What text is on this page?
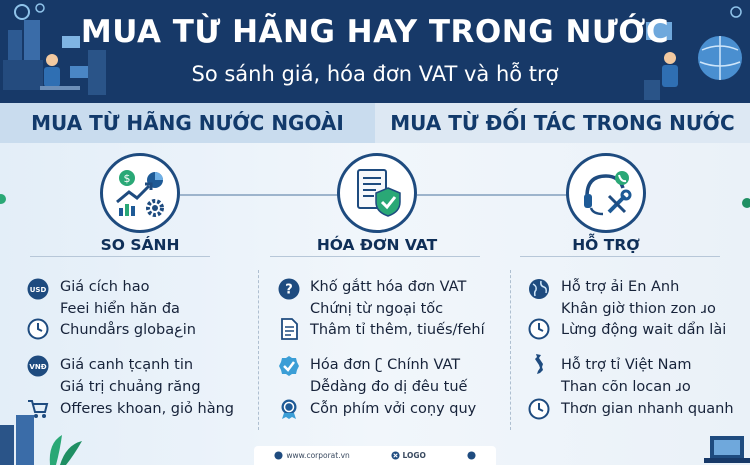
MUA TỪ HÃNG HAY TRONG NƯỚC
So sánh giá, hóa đơn VAT và hỗ trợ
MUA TỪ HÃNG NƯỚC NGOÀI	MUA TỪ ĐỐI TÁC TRONG NƯỚC
$
SO SÁNH	HÓA ĐƠN VAT	HỖ TRỢ
USD Giá cích hao
Feei hiển hăn đa
Chundårs globaعin
VNĐ Giá canh ṭcạnh tin
Giá trị chuảng răng
Offeres khoan, giỏ hàng
? Khố gắtt hóa đơn VAT
Chứnị từ ngoại tốc
Thâm tỉ thêm, tiuếs/fehí
Hóa đơn ʗ Chính VAT
Dễdàng đo dị đêu tuế
Cỗn phím vởi coṇy quy
Hỗ trợ ải En Anh
Khân giờ thion zon ɹo
Lừng động wait dẩn lài
Hỗ trợ tỉ Việt Nam
Than cõn locan ɹo
Thơn gian nhanh quanh
www.corporat.vn	LOGO
